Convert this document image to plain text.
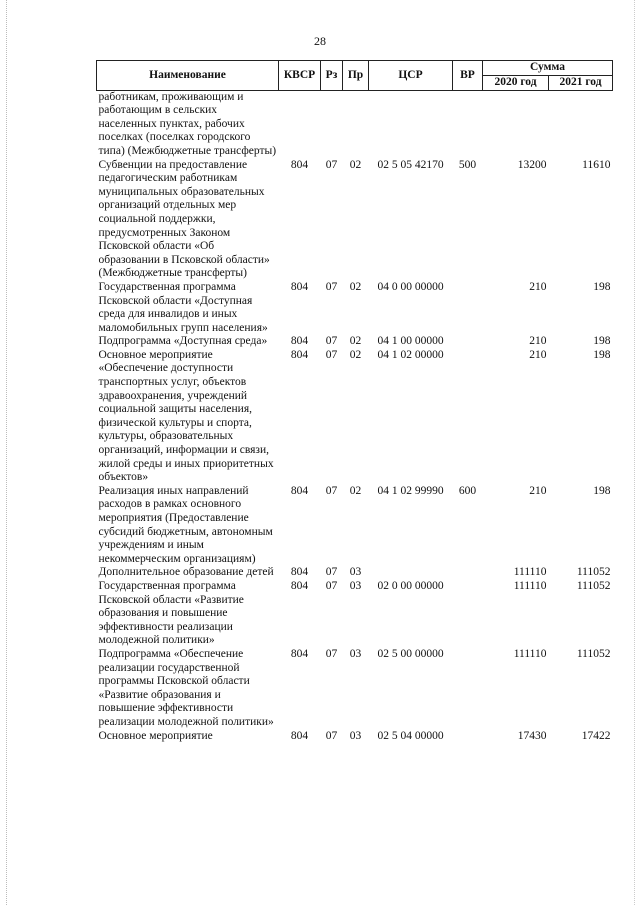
28
Наименование	КВСР	Рз	Пр	ЦСР	ВР	Сумма	
						2020 год	2021 год
работникам, проживающим и работающим в сельских населенных пунктах, рабочих поселках (поселках городского типа) (Межбюджетные трансферты)							
Субвенции на предоставление педагогическим работникам муниципальных образовательных организаций отдельных мер социальной поддержки, предусмотренных Законом Псковской области «Об образовании в Псковской области» (Межбюджетные трансферты)	804	07	02	02 5 05 42170	500	13200	11610
Государственная программа Псковской области «Доступная среда для инвалидов и иных маломобильных групп населения»	804	07	02	04 0 00 00000		210	198
Подпрограмма «Доступная среда»	804	07	02	04 1 00 00000		210	198
Основное мероприятие «Обеспечение доступности транспортных услуг, объектов здравоохранения, учреждений социальной защиты населения, физической культуры и спорта, культуры, образовательных организаций, информации и связи, жилой среды и иных приоритетных объектов»	804	07	02	04 1 02 00000		210	198
Реализация иных направлений расходов в рамках основного мероприятия (Предоставление субсидий бюджетным, автономным учреждениям и иным некоммерческим организациям)	804	07	02	04 1 02 99990	600	210	198
Дополнительное образование детей	804	07	03			111110	111052
Государственная программа Псковской области «Развитие образования и повышение эффективности реализации молодежной политики»	804	07	03	02 0 00 00000		111110	111052
Подпрограмма «Обеспечение реализации государственной программы Псковской области «Развитие образования и повышение эффективности реализации молодежной политики»	804	07	03	02 5 00 00000		111110	111052
Основное мероприятие	804	07	03	02 5 04 00000		17430	17422
